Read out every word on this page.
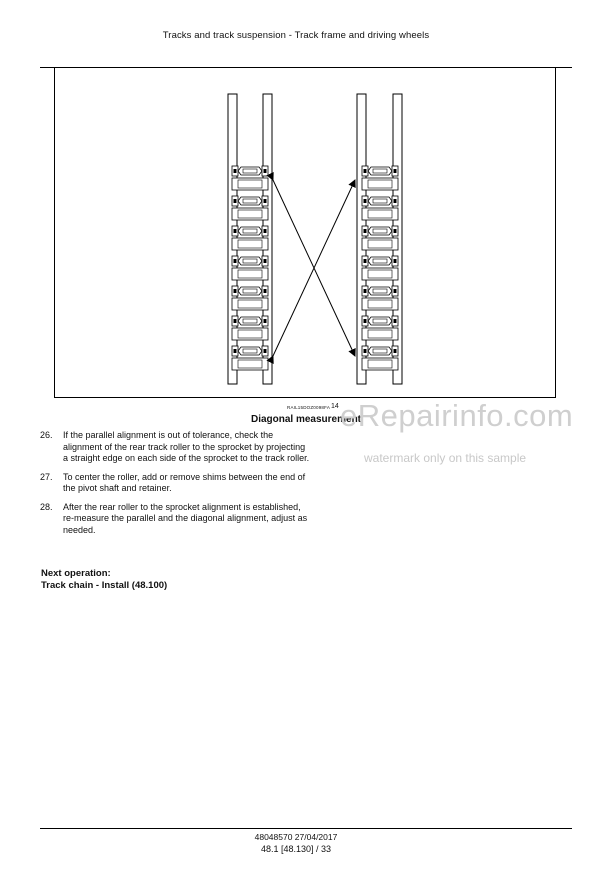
Tracks and track suspension - Track frame and driving wheels
RAIL15DOZ0098FA 14
Diagonal measurement
26. If the parallel alignment is out of tolerance, check the alignment of the rear track roller to the sprocket by projecting a straight edge on each side of the sprocket to the track roller.
27. To center the roller, add or remove shims between the end of the pivot shaft and retainer.
28. After the rear roller to the sprocket alignment is established, re-measure the parallel and the diagonal alignment, adjust as needed.
Next operation:
Track chain - Install (48.100)
eRepairinfo.com
watermark only on this sample
48048570 27/04/2017
48.1 [48.130] / 33
